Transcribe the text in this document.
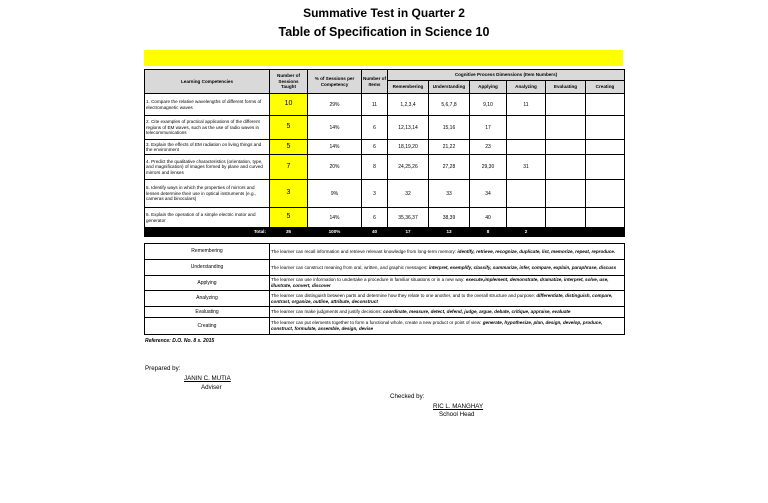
Summative Test in Quarter 2
Table of Specification in Science 10
Learning Competencies	Number of Sessions Taught	% of Sessions per Competency	Number of Items	Cognitive Process Dimensions (Item Numbers)					
				Remembering	Understanding	Applying	Analyzing	Evaluating	Creating
1. Compare the relative wavelengths of different forms of electromagnetic waves	10	29%	11	1,2,3,4	5,6,7,8	9,10	11		
2. Cite examples of practical applications of the different regions of EM waves, such as the use of radio waves in telecommunications	5	14%	6	12,13,14	15,16	17			
3. Explain the effects of EM radiation on living things and the environment	5	14%	6	18,19,20	21,22	23			
4. Predict the qualitative characteristics (orientation, type, and magnification) of images formed by plane and curved mirrors and lenses	7	20%	8	24,25,26	27,28	29,30	31		
5. Identify ways in which the properties of mirrors and lenses determine their use in optical instruments (e.g., cameras and binoculars)	3	9%	3	32	33	34			
6. Explain the operation of a simple electric motor and generator	5	14%	6	35,36,37	38,39	40			
Total:	35	100%	40	17	13	8	2		
Remembering	The learner can recall information and retrieve relevant knowledge from long-term memory: identify, retrieve, recognize, duplicate, list, memorize, repeat, reproduce.
Understanding	The learner can construct meaning from oral, written, and graphic messages: interpret, exemplify, classify, summarize, infer, compare, explain, paraphrase, discuss
Applying	The learner can use information to undertake a procedure in familiar situations or in a new way: execute,implement, demonstrate, dramatize, interpret, solve, use, illustrate, convert, discover
Analyzing	The learner can distinguish between parts and determine how they relate to one another, and to the overall structure and purpose: differentiate, distinguish, compare, contrast, organize, outline, attribute, deconstruct
Evaluating	The learner can make judgments and justify decisions: coordinate, measure, detect, defend, judge, argue, debate, critique, appraise, evaluate
Creating	The learner can put elements together to form a functional whole, create a new product or point of view: generate, hypothesize, plan, design, develop, produce, construct, formulate, assemble, design, devise
Reference: D.O. No. 8 s. 2015
Prepared by:
JANIN C. MUTIA
Adviser
Checked by:
RIC L. MANGHAY
School Head
